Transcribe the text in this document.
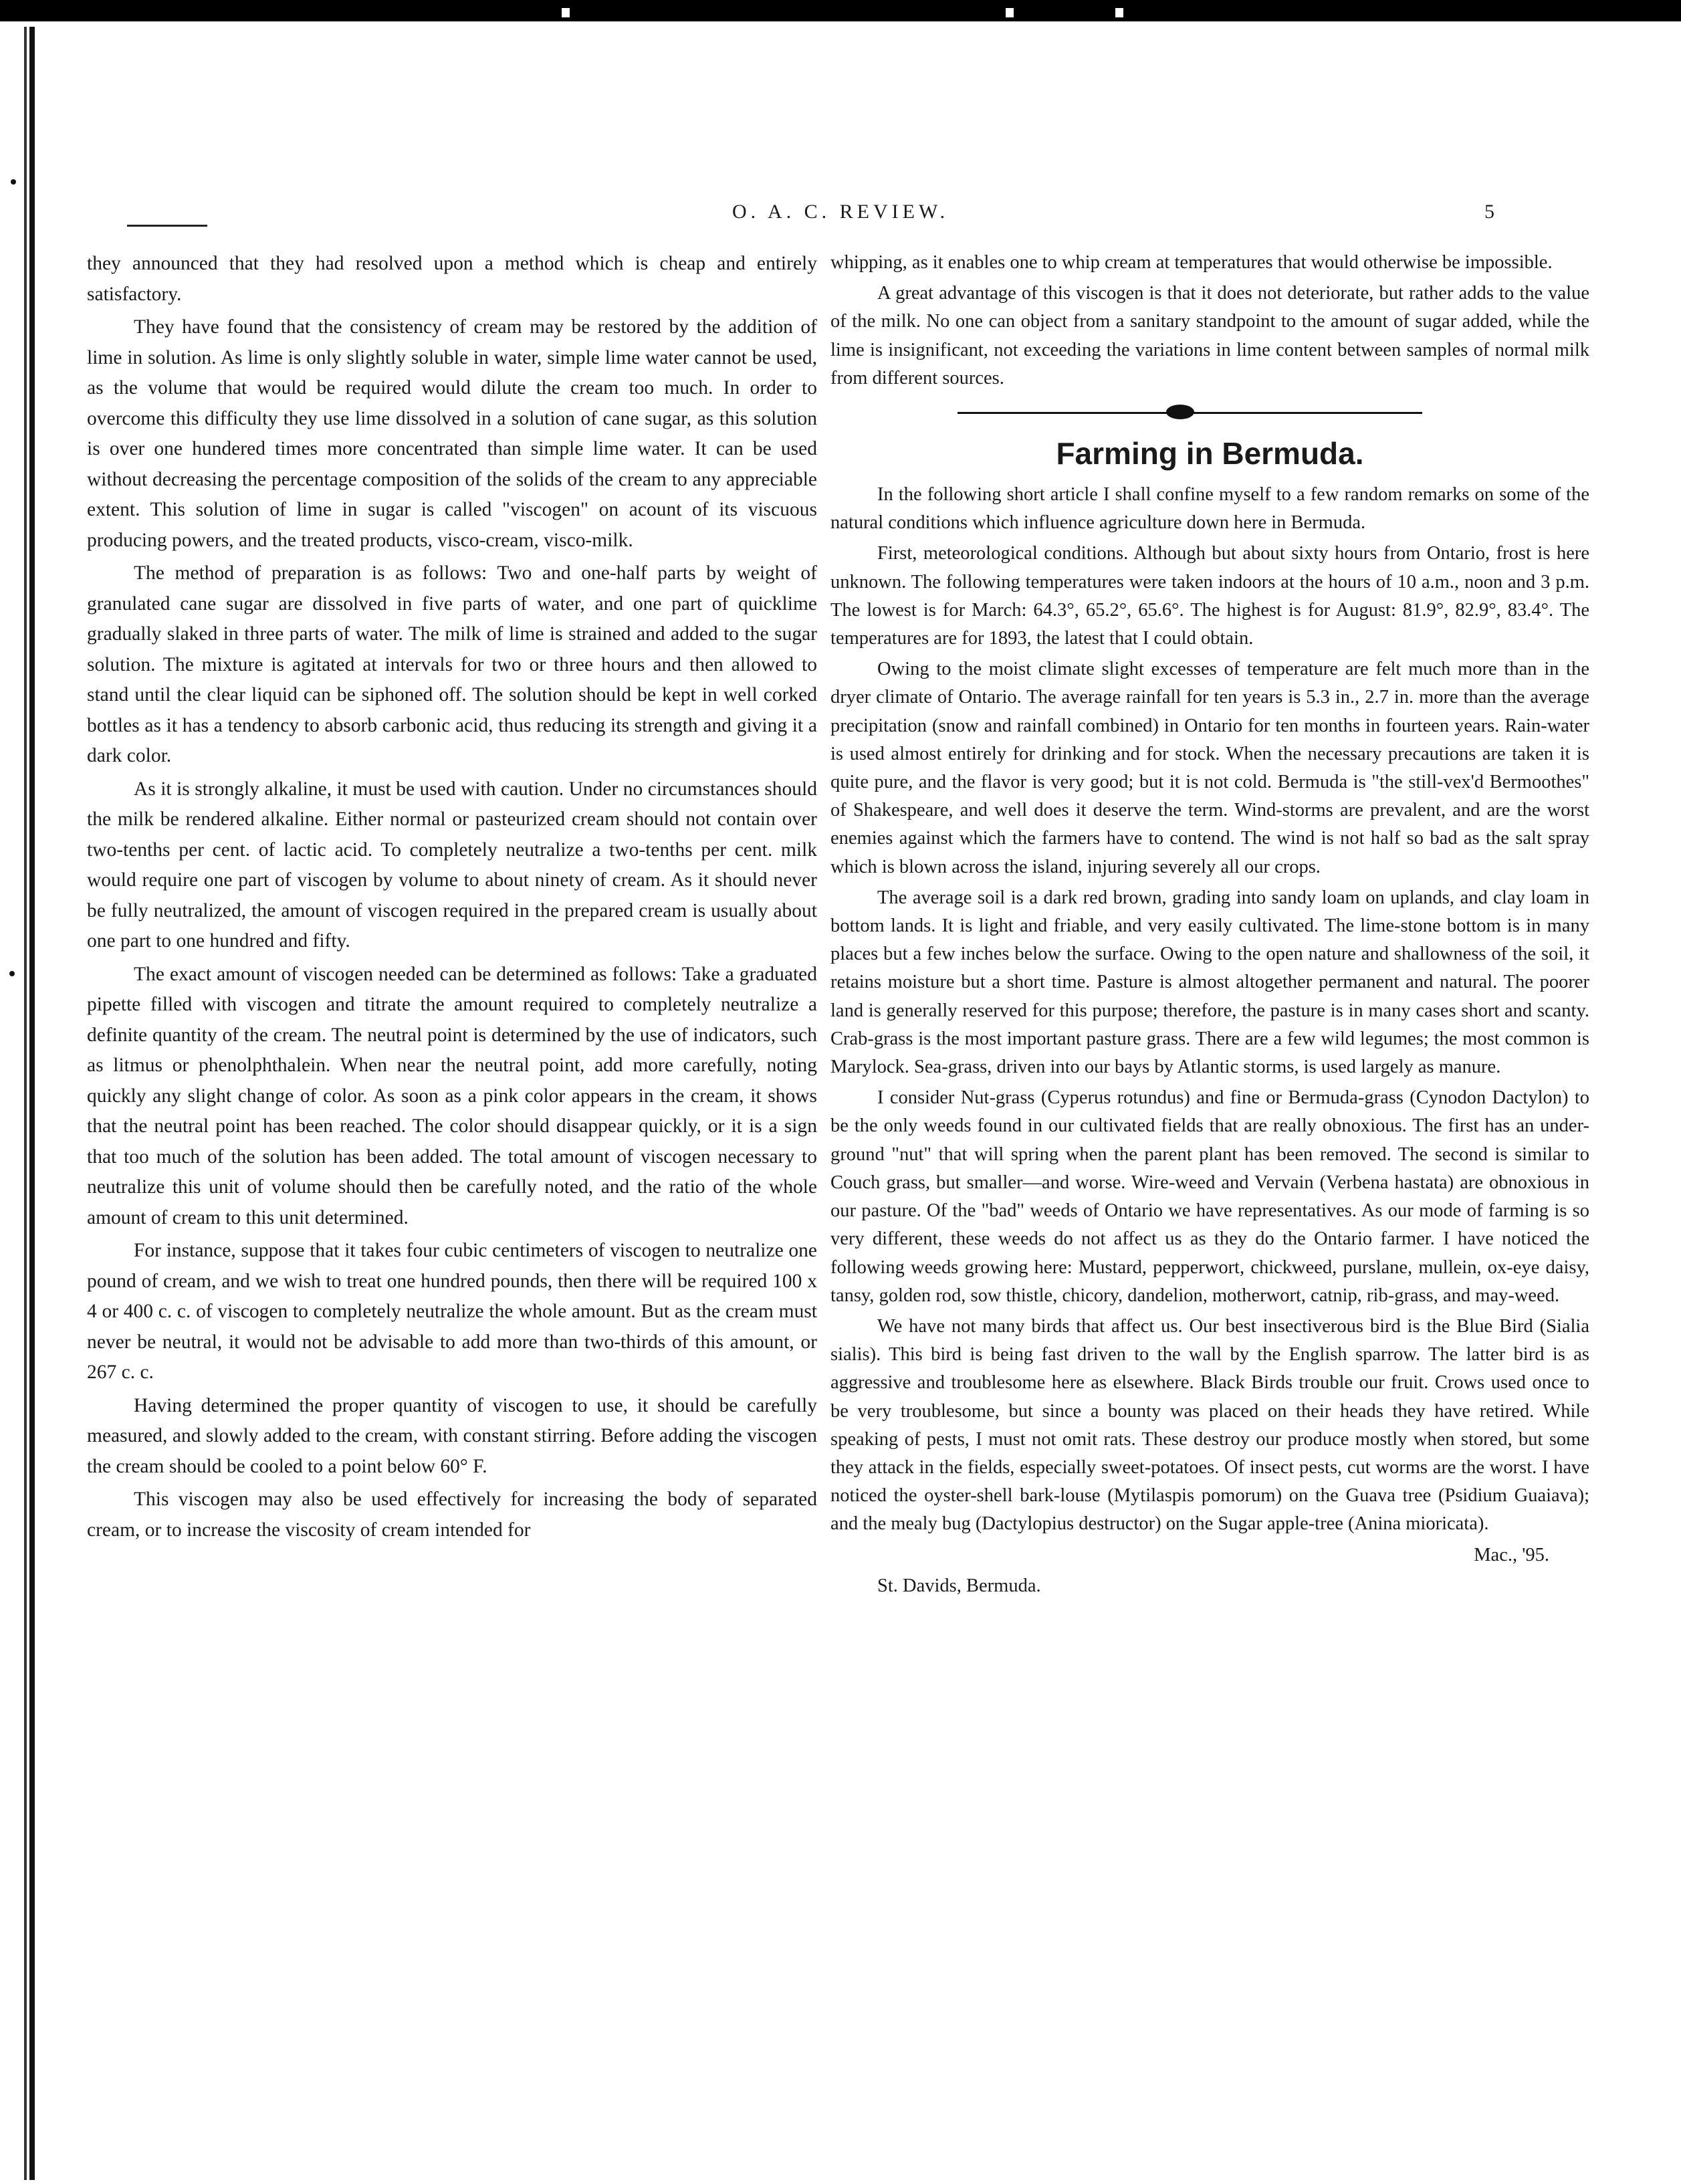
O. A. C. REVIEW.	5

they announced that they had resolved upon a method which is cheap and entirely satisfactory.

They have found that the consistency of cream may be restored by the addition of lime in solution. As lime is only slightly soluble in water, simple lime water cannot be used, as the volume that would be required would dilute the cream too much. In order to overcome this difficulty they use lime dissolved in a solution of cane sugar, as this solution is over one hundered times more concentrated than simple lime water. It can be used without decreasing the percentage composition of the solids of the cream to any appreciable extent. This solution of lime in sugar is called "viscogen" on acount of its viscuous producing powers, and the treated products, visco-cream, visco-milk.

The method of preparation is as follows: Two and one-half parts by weight of granulated cane sugar are dissolved in five parts of water, and one part of quicklime gradually slaked in three parts of water. The milk of lime is strained and added to the sugar solution. The mixture is agitated at intervals for two or three hours and then allowed to stand until the clear liquid can be siphoned off. The solution should be kept in well corked bottles as it has a tendency to absorb carbonic acid, thus reducing its strength and giving it a dark color.

As it is strongly alkaline, it must be used with caution. Under no circumstances should the milk be rendered alkaline. Either normal or pasteurized cream should not contain over two-tenths per cent. of lactic acid. To completely neutralize a two-tenths per cent. milk would require one part of viscogen by volume to about ninety of cream. As it should never be fully neutralized, the amount of viscogen required in the prepared cream is usually about one part to one hundred and fifty.

The exact amount of viscogen needed can be determined as follows: Take a graduated pipette filled with viscogen and titrate the amount required to completely neutralize a definite quantity of the cream. The neutral point is determined by the use of indicators, such as litmus or phenolphthalein. When near the neutral point, add more carefully, noting quickly any slight change of color. As soon as a pink color appears in the cream, it shows that the neutral point has been reached. The color should disappear quickly, or it is a sign that too much of the solution has been added. The total amount of viscogen necessary to neutralize this unit of volume should then be carefully noted, and the ratio of the whole amount of cream to this unit determined.

For instance, suppose that it takes four cubic centimeters of viscogen to neutralize one pound of cream, and we wish to treat one hundred pounds, then there will be required 100 x 4 or 400 c. c. of viscogen to completely neutralize the whole amount. But as the cream must never be neutral, it would not be advisable to add more than two-thirds of this amount, or 267 c. c.

Having determined the proper quantity of viscogen to use, it should be carefully measured, and slowly added to the cream, with constant stirring. Before adding the viscogen the cream should be cooled to a point below 60° F.

This viscogen may also be used effectively for increasing the body of separated cream, or to increase the viscosity of cream intended for

whipping, as it enables one to whip cream at temperatures that would otherwise be impossible.

A great advantage of this viscogen is that it does not deteriorate, but rather adds to the value of the milk. No one can object from a sanitary standpoint to the amount of sugar added, while the lime is insignificant, not exceeding the variations in lime content between samples of normal milk from different sources.

Farming in Bermuda.

In the following short article I shall confine myself to a few random remarks on some of the natural conditions which influence agriculture down here in Bermuda.

First, meteorological conditions. Although but about sixty hours from Ontario, frost is here unknown. The following temperatures were taken indoors at the hours of 10 a.m., noon and 3 p.m. The lowest is for March: 64.3°, 65.2°, 65.6°. The highest is for August: 81.9°, 82.9°, 83.4°. The temperatures are for 1893, the latest that I could obtain.

Owing to the moist climate slight excesses of temperature are felt much more than in the dryer climate of Ontario. The average rainfall for ten years is 5.3 in., 2.7 in. more than the average precipitation (snow and rainfall combined) in Ontario for ten months in fourteen years. Rain-water is used almost entirely for drinking and for stock. When the necessary precautions are taken it is quite pure, and the flavor is very good; but it is not cold. Bermuda is "the still-vex'd Bermoothes" of Shakespeare, and well does it deserve the term. Wind-storms are prevalent, and are the worst enemies against which the farmers have to contend. The wind is not half so bad as the salt spray which is blown across the island, injuring severely all our crops.

The average soil is a dark red brown, grading into sandy loam on uplands, and clay loam in bottom lands. It is light and friable, and very easily cultivated. The lime-stone bottom is in many places but a few inches below the surface. Owing to the open nature and shallowness of the soil, it retains moisture but a short time. Pasture is almost altogether permanent and natural. The poorer land is generally reserved for this purpose; therefore, the pasture is in many cases short and scanty. Crab-grass is the most important pasture grass. There are a few wild legumes; the most common is Marylock. Sea-grass, driven into our bays by Atlantic storms, is used largely as manure.

I consider Nut-grass (Cyperus rotundus) and fine or Bermuda-grass (Cynodon Dactylon) to be the only weeds found in our cultivated fields that are really obnoxious. The first has an under-ground "nut" that will spring when the parent plant has been removed. The second is similar to Couch grass, but smaller—and worse. Wire-weed and Vervain (Verbena hastata) are obnoxious in our pasture. Of the "bad" weeds of Ontario we have representatives. As our mode of farming is so very different, these weeds do not affect us as they do the Ontario farmer. I have noticed the following weeds growing here: Mustard, pepperwort, chickweed, purslane, mullein, ox-eye daisy, tansy, golden rod, sow thistle, chicory, dandelion, motherwort, catnip, rib-grass, and may-weed.

We have not many birds that affect us. Our best insectiverous bird is the Blue Bird (Sialia sialis). This bird is being fast driven to the wall by the English sparrow. The latter bird is as aggressive and troublesome here as elsewhere. Black Birds trouble our fruit. Crows used once to be very troublesome, but since a bounty was placed on their heads they have retired. While speaking of pests, I must not omit rats. These destroy our produce mostly when stored, but some they attack in the fields, especially sweet-potatoes. Of insect pests, cut worms are the worst. I have noticed the oyster-shell bark-louse (Mytilaspis pomorum) on the Guava tree (Psidium Guaiava); and the mealy bug (Dactylopius destructor) on the Sugar apple-tree (Anina mioricata).

Mac., '95.
St. Davids, Bermuda.
